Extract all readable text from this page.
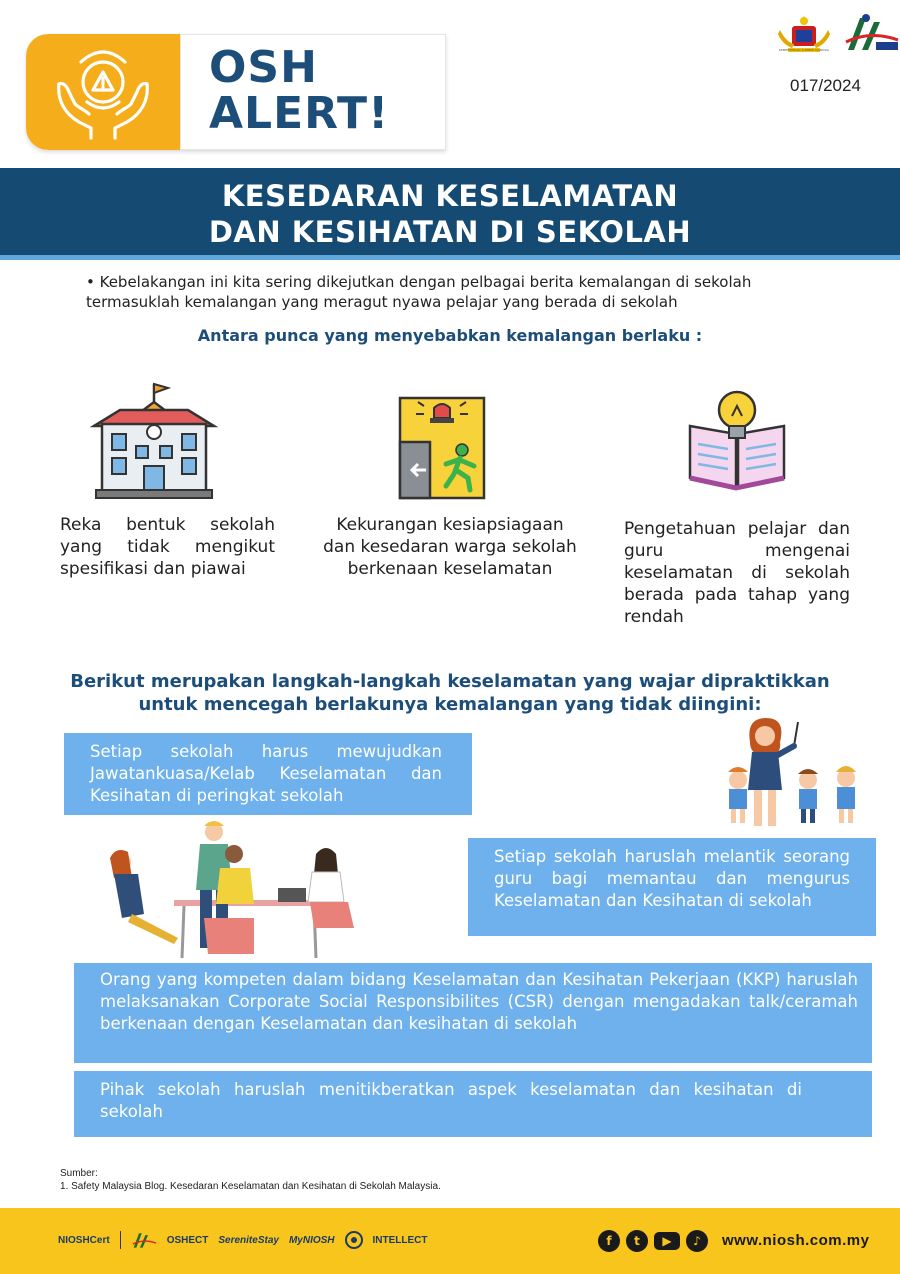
OSH
ALERT!
KEMENTERIAN SUMBER MANUSIA
017/2024
KESEDARAN KESELAMATAN
DAN KESIHATAN DI SEKOLAH

• Kebelakangan ini kita sering dikejutkan dengan pelbagai berita kemalangan di sekolah termasuklah kemalangan yang meragut nyawa pelajar yang berada di sekolah

Antara punca yang menyebabkan kemalangan berlaku :
Reka bentuk sekolah yang tidak mengikut spesifikasi dan piawai
Kekurangan kesiapsiagaan dan kesedaran warga sekolah berkenaan keselamatan
Pengetahuan pelajar dan guru mengenai keselamatan di sekolah berada pada tahap yang rendah
Berikut merupakan langkah-langkah keselamatan yang wajar dipraktikkan
untuk mencegah berlakunya kemalangan yang tidak diingini:
Setiap sekolah harus mewujudkan Jawatankuasa/Kelab Keselamatan dan Kesihatan di peringkat sekolah
Setiap sekolah haruslah melantik seorang guru bagi memantau dan mengurus Keselamatan dan Kesihatan di sekolah
Orang yang kompeten dalam bidang Keselamatan dan Kesihatan Pekerjaan (KKP) haruslah melaksanakan Corporate Social Responsibilites (CSR) dengan mengadakan talk/ceramah berkenaan dengan Keselamatan dan kesihatan di sekolah
Pihak sekolah haruslah menitikberatkan aspek keselamatan dan kesihatan di sekolah
Sumber:
1. Safety Malaysia Blog. Kesedaran Keselamatan dan Kesihatan di Sekolah Malaysia.
NIOSHCert	OSHECT SereniteStay MyNIOSH	INTELLECT	f	t	▶	♪	www.niosh.com.my
